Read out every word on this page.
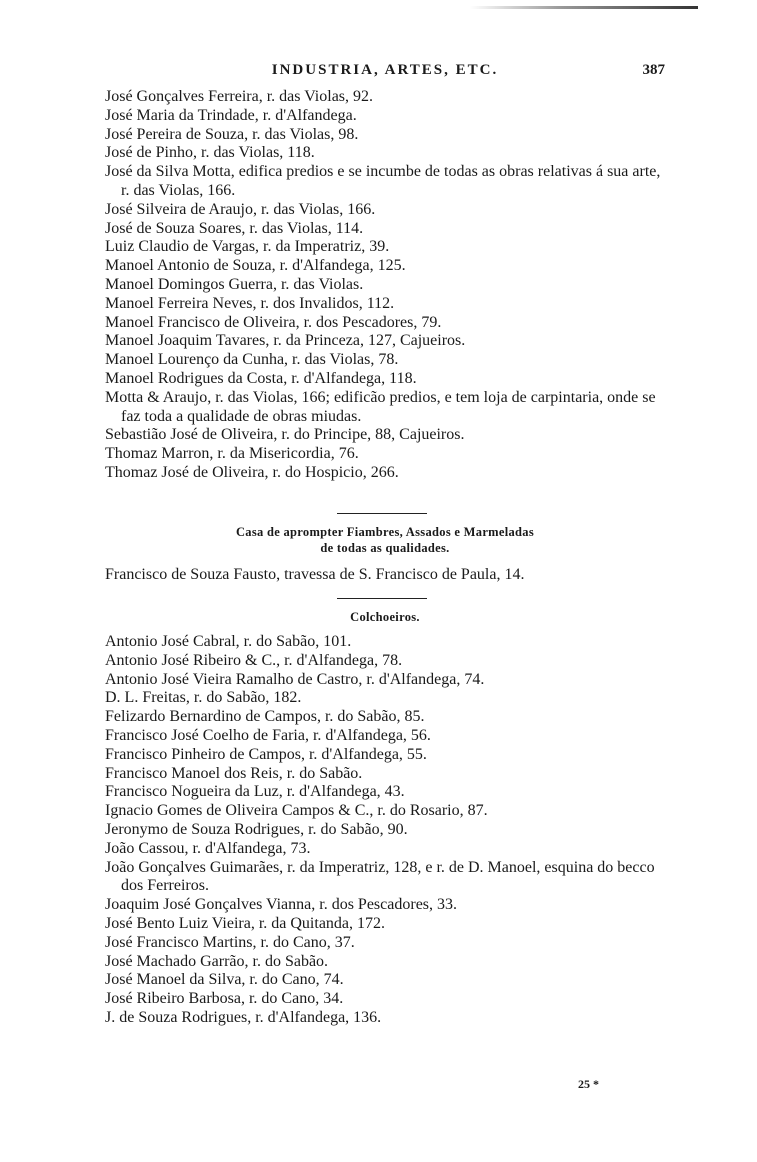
INDUSTRIA, ARTES, ETC.	387
José Gonçalves Ferreira, r. das Violas, 92.
José Maria da Trindade, r. d'Alfandega.
José Pereira de Souza, r. das Violas, 98.
José de Pinho, r. das Violas, 118.
José da Silva Motta, edifica predios e se incumbe de todas as obras relativas á sua arte, r. das Violas, 166.
José Silveira de Araujo, r. das Violas, 166.
José de Souza Soares, r. das Violas, 114.
Luiz Claudio de Vargas, r. da Imperatriz, 39.
Manoel Antonio de Souza, r. d'Alfandega, 125.
Manoel Domingos Guerra, r. das Violas.
Manoel Ferreira Neves, r. dos Invalidos, 112.
Manoel Francisco de Oliveira, r. dos Pescadores, 79.
Manoel Joaquim Tavares, r. da Princeza, 127, Cajueiros.
Manoel Lourenço da Cunha, r. das Violas, 78.
Manoel Rodrigues da Costa, r. d'Alfandega, 118.
Motta & Araujo, r. das Violas, 166; edificão predios, e tem loja de carpintaria, onde se faz toda a qualidade de obras miudas.
Sebastião José de Oliveira, r. do Principe, 88, Cajueiros.
Thomaz Marron, r. da Misericordia, 76.
Thomaz José de Oliveira, r. do Hospicio, 266.
Casa de aprompter Fiambres, Assados e Marmeladas
de todas as qualidades.
Francisco de Souza Fausto, travessa de S. Francisco de Paula, 14.
Colchoeiros.
Antonio José Cabral, r. do Sabão, 101.
Antonio José Ribeiro & C., r. d'Alfandega, 78.
Antonio José Vieira Ramalho de Castro, r. d'Alfandega, 74.
D. L. Freitas, r. do Sabão, 182.
Felizardo Bernardino de Campos, r. do Sabão, 85.
Francisco José Coelho de Faria, r. d'Alfandega, 56.
Francisco Pinheiro de Campos, r. d'Alfandega, 55.
Francisco Manoel dos Reis, r. do Sabão.
Francisco Nogueira da Luz, r. d'Alfandega, 43.
Ignacio Gomes de Oliveira Campos & C., r. do Rosario, 87.
Jeronymo de Souza Rodrigues, r. do Sabão, 90.
João Cassou, r. d'Alfandega, 73.
João Gonçalves Guimarães, r. da Imperatriz, 128, e r. de D. Manoel, esquina do becco dos Ferreiros.
Joaquim José Gonçalves Vianna, r. dos Pescadores, 33.
José Bento Luiz Vieira, r. da Quitanda, 172.
José Francisco Martins, r. do Cano, 37.
José Machado Garrão, r. do Sabão.
José Manoel da Silva, r. do Cano, 74.
José Ribeiro Barbosa, r. do Cano, 34.
J. de Souza Rodrigues, r. d'Alfandega, 136.
25 *
